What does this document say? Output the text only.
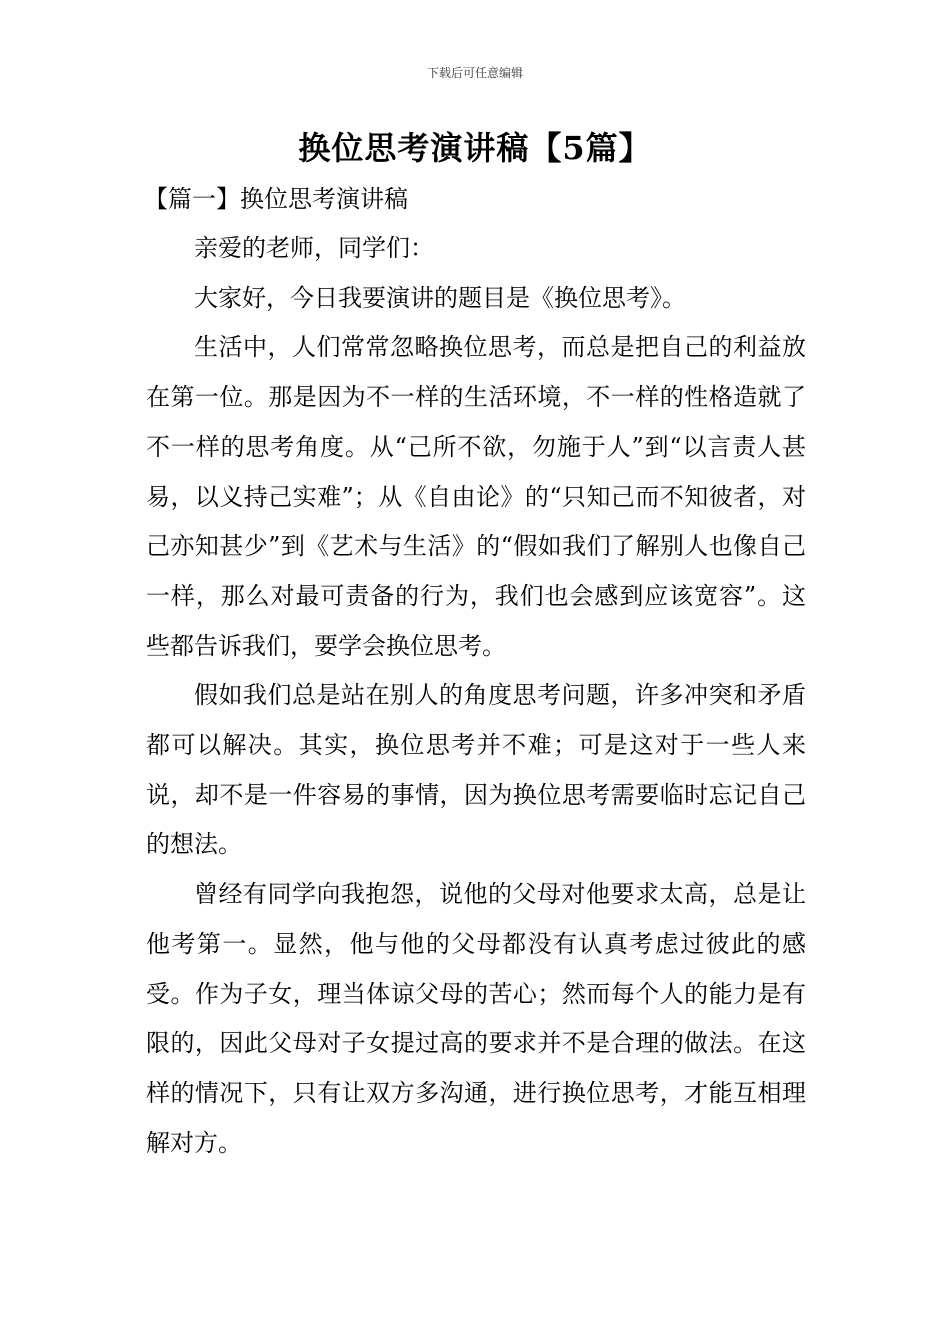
下载后可任意编辑
换位思考演讲稿【5篇】
【篇一】换位思考演讲稿

亲爱的老师，同学们：

大家好，今日我要演讲的题目是《换位思考》。

生活中，人们常常忽略换位思考，而总是把自己的利益放在第一位。那是因为不一样的生活环境，不一样的性格造就了不一样的思考角度。从“己所不欲，勿施于人”到“以言责人甚易，以义持己实难”；从《自由论》的“只知己而不知彼者，对己亦知甚少”到《艺术与生活》的“假如我们了解别人也像自己一样，那么对最可责备的行为，我们也会感到应该宽容”。这些都告诉我们，要学会换位思考。

假如我们总是站在别人的角度思考问题，许多冲突和矛盾都可以解决。其实，换位思考并不难；可是这对于一些人来说，却不是一件容易的事情，因为换位思考需要临时忘记自己的想法。

曾经有同学向我抱怨，说他的父母对他要求太高，总是让他考第一。显然，他与他的父母都没有认真考虑过彼此的感受。作为子女，理当体谅父母的苦心；然而每个人的能力是有限的，因此父母对子女提过高的要求并不是合理的做法。在这样的情况下，只有让双方多沟通，进行换位思考，才能互相理解对方。
